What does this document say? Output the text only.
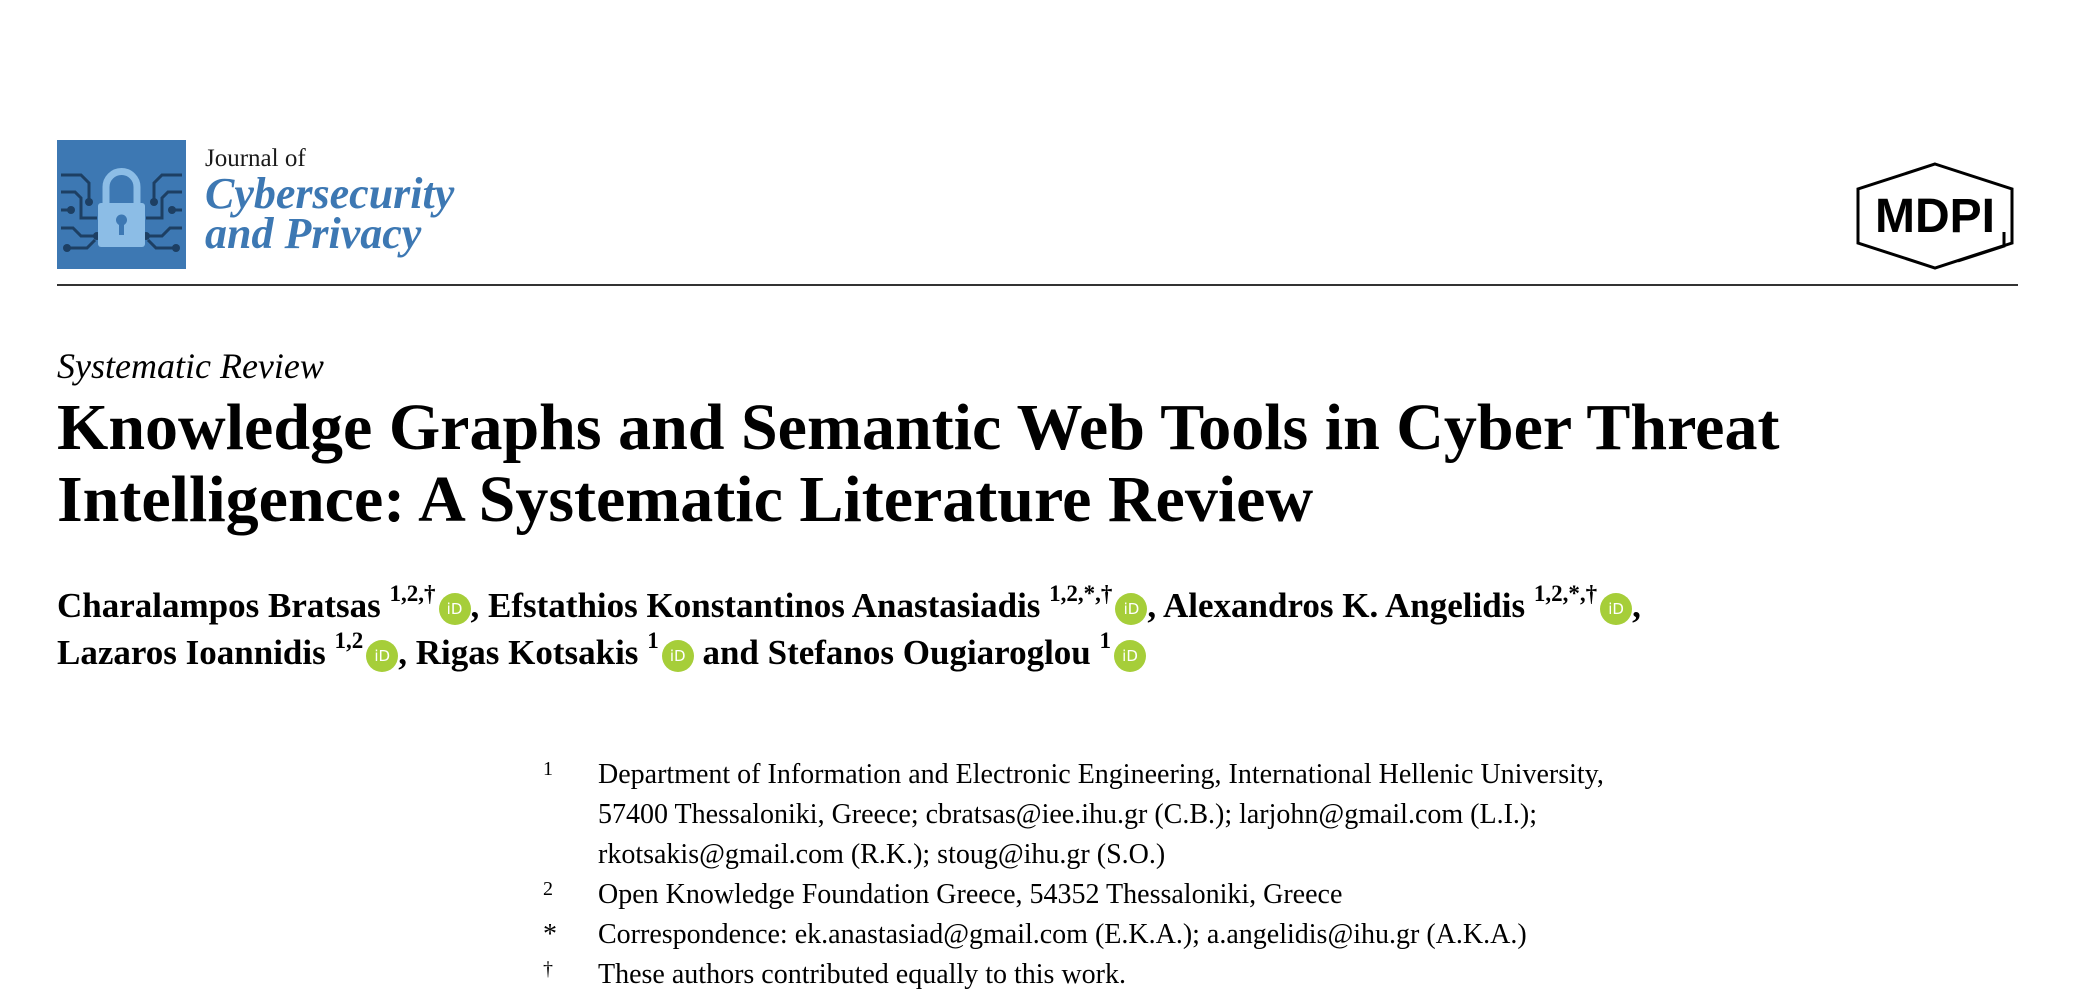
Journal of
Cybersecurity
and Privacy	MDPI
Systematic Review
Knowledge Graphs and Semantic Web Tools in Cyber Threat
Intelligence: A Systematic Literature Review
Charalampos Bratsas $^{1,2,\dagger}$iD , Efstathios Konstantinos Anastasiadis $^{1,2,*,\dagger}$iD , Alexandros K. Angelidis $^{1,2,*,\dagger}$iD ,
Lazaros Ioannidis $^{1,2}$iD , Rigas Kotsakis $^1$iD and Stefanos Ougiaroglou $^1$iD
1 Department of Information and Electronic Engineering, International Hellenic University,
57400 Thessaloniki, Greece; cbratsas@iee.ihu.gr (C.B.); larjohn@gmail.com (L.I.);
rkotsakis@gmail.com (R.K.); stoug@ihu.gr (S.O.)
2 Open Knowledge Foundation Greece, 54352 Thessaloniki, Greece
* Correspondence: ek.anastasiad@gmail.com (E.K.A.); a.angelidis@ihu.gr (A.K.A.)
† These authors contributed equally to this work.
